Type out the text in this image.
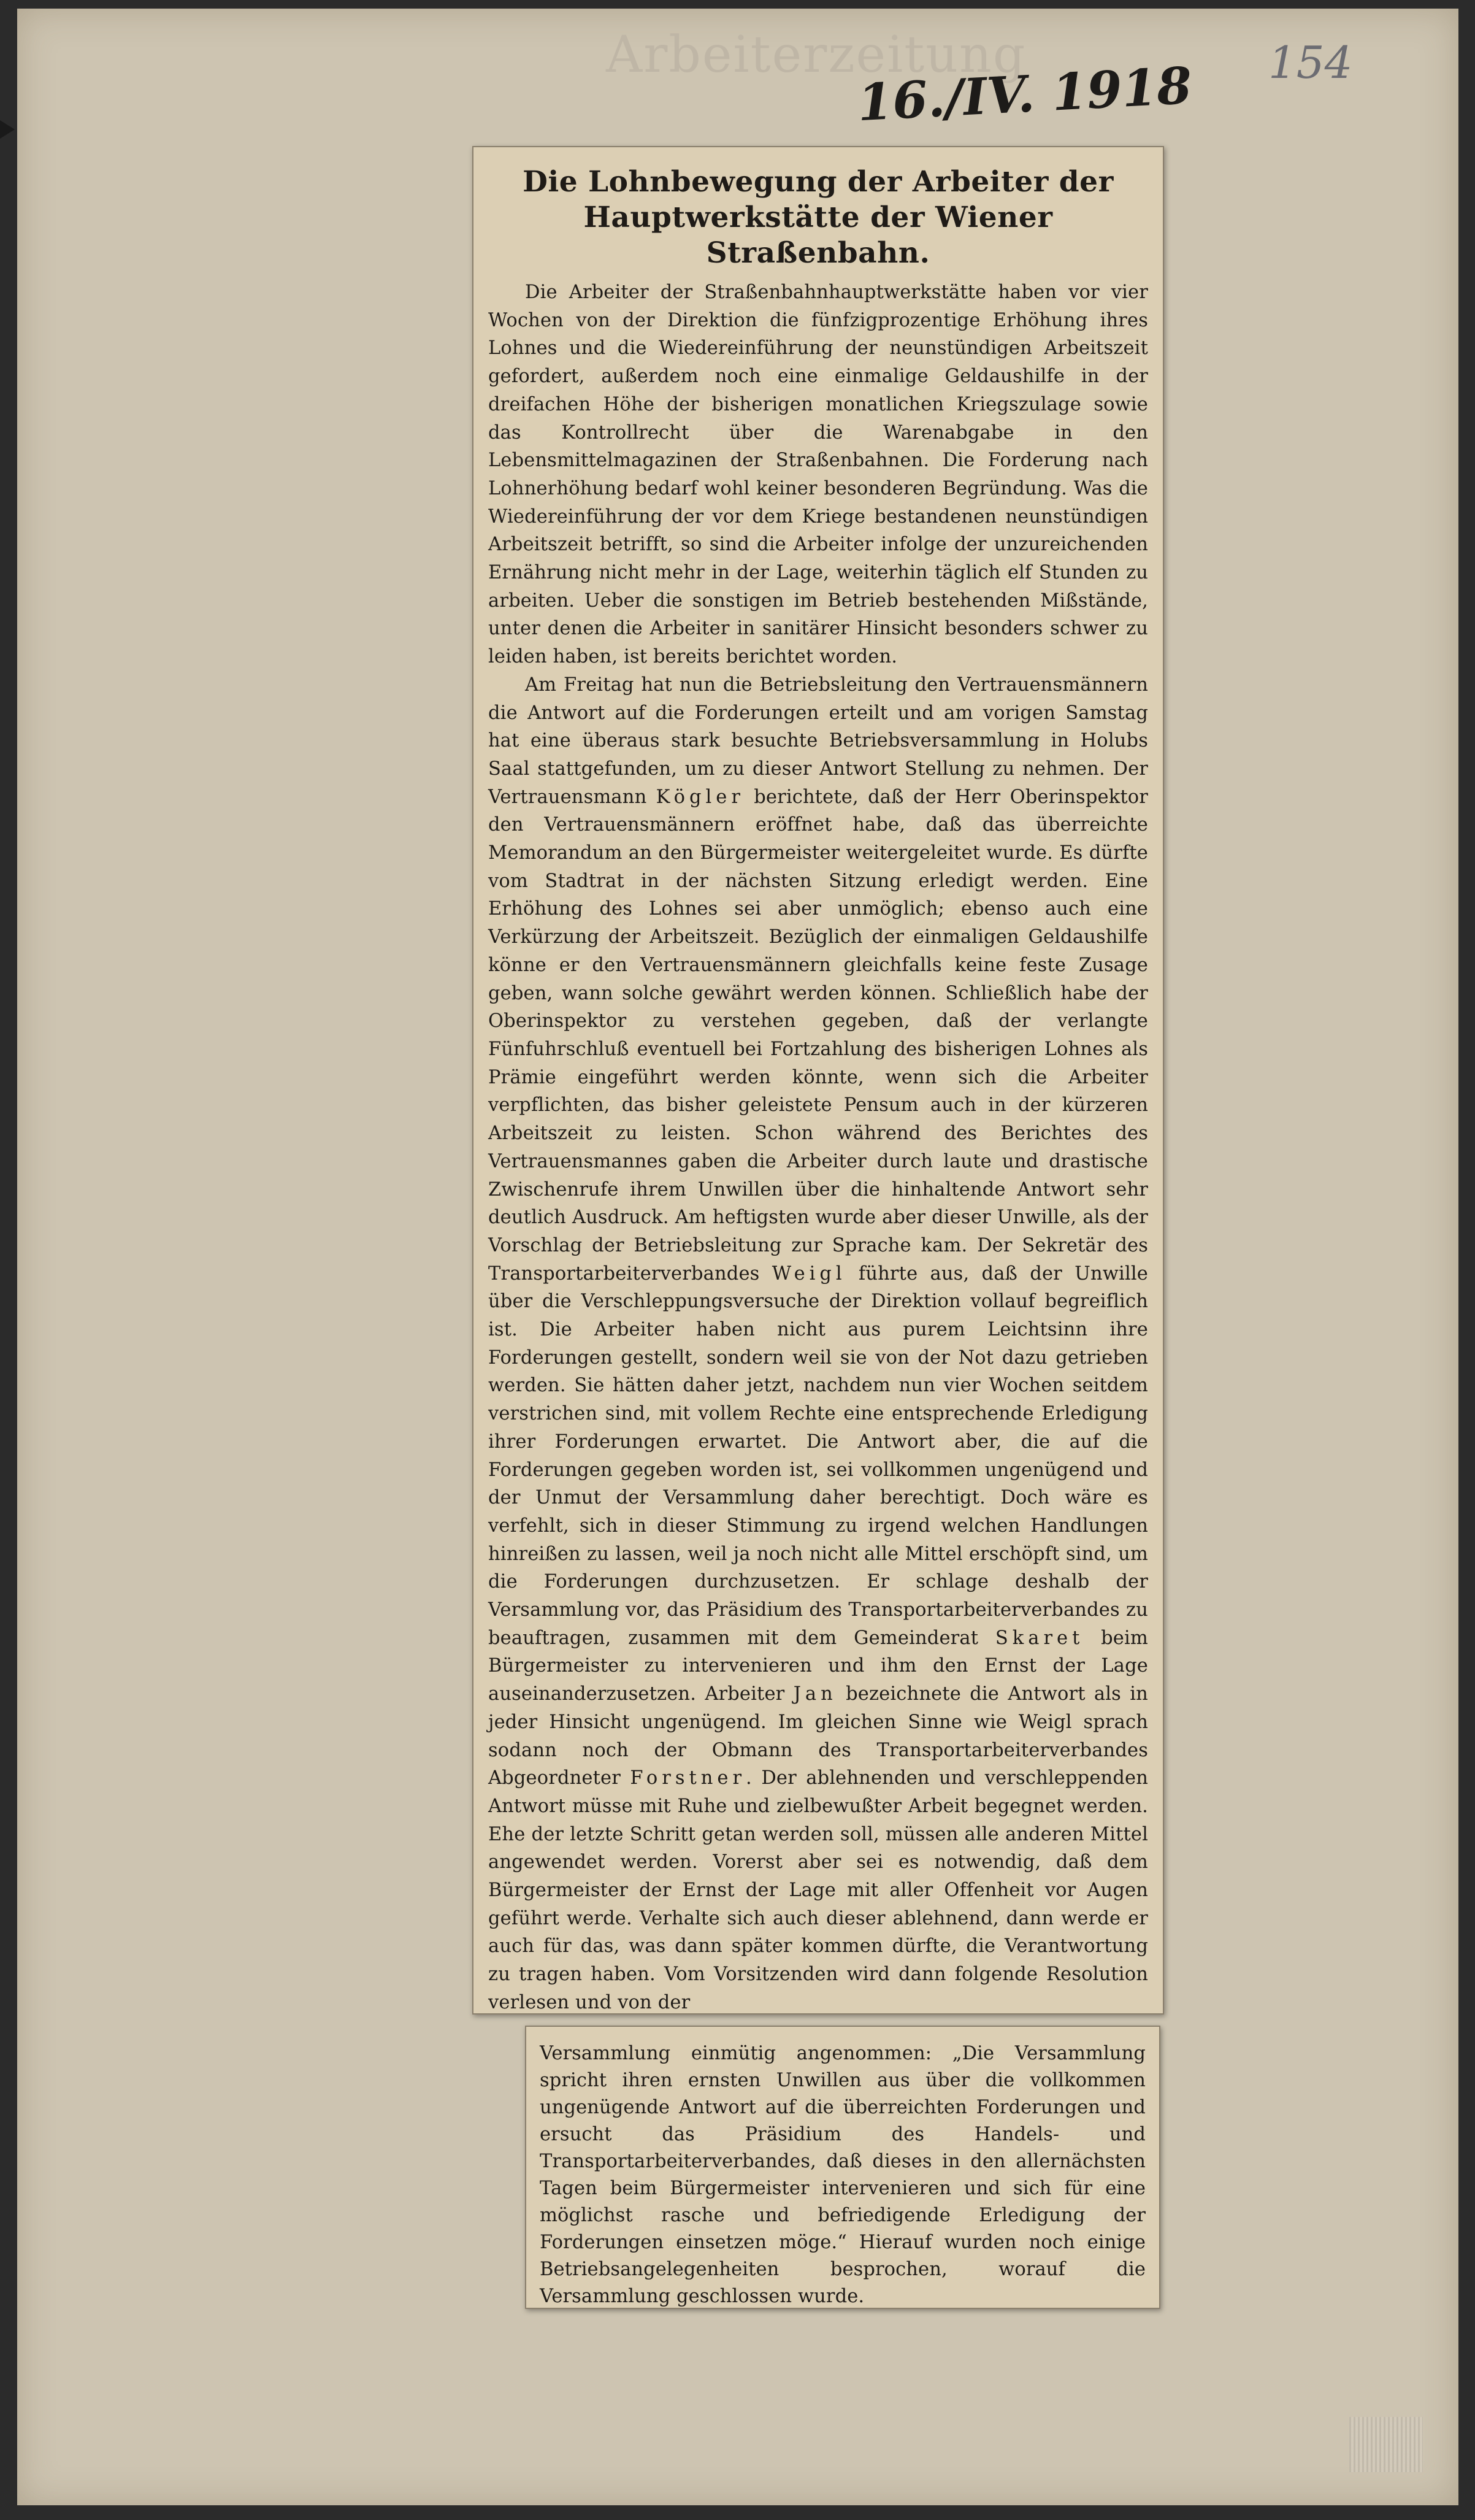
Arbeiterzeitung
16./IV. 1918 154
Die Lohnbewegung der Arbeiter der Hauptwerkstätte der Wiener Straßenbahn.

Die Arbeiter der Straßenbahnhauptwerkstätte haben vor vier Wochen von der Direktion die fünfzigprozentige Erhöhung ihres Lohnes und die Wiedereinführung der neunstündigen Arbeitszeit gefordert, außerdem noch eine einmalige Geldaushilfe in der dreifachen Höhe der bisherigen monatlichen Kriegszulage sowie das Kontrollrecht über die Warenabgabe in den Lebensmittelmagazinen der Straßenbahnen. Die Forderung nach Lohnerhöhung bedarf wohl keiner besonderen Begründung. Was die Wiedereinführung der vor dem Kriege bestandenen neunstündigen Arbeitszeit betrifft, so sind die Arbeiter infolge der unzureichenden Ernährung nicht mehr in der Lage, weiterhin täglich elf Stunden zu arbeiten. Ueber die sonstigen im Betrieb bestehenden Mißstände, unter denen die Arbeiter in sanitärer Hinsicht besonders schwer zu leiden haben, ist bereits berichtet worden.

Am Freitag hat nun die Betriebsleitung den Vertrauensmännern die Antwort auf die Forderungen erteilt und am vorigen Samstag hat eine überaus stark besuchte Betriebsversammlung in Holubs Saal stattgefunden, um zu dieser Antwort Stellung zu nehmen. Der Vertrauensmann Kögler berichtete, daß der Herr Oberinspektor den Vertrauensmännern eröffnet habe, daß das überreichte Memorandum an den Bürgermeister weitergeleitet wurde. Es dürfte vom Stadtrat in der nächsten Sitzung erledigt werden. Eine Erhöhung des Lohnes sei aber unmöglich; ebenso auch eine Verkürzung der Arbeitszeit. Bezüglich der einmaligen Geldaushilfe könne er den Vertrauensmännern gleichfalls keine feste Zusage geben, wann solche gewährt werden können. Schließlich habe der Oberinspektor zu verstehen gegeben, daß der verlangte Fünfuhrschluß eventuell bei Fortzahlung des bisherigen Lohnes als Prämie eingeführt werden könnte, wenn sich die Arbeiter verpflichten, das bisher geleistete Pensum auch in der kürzeren Arbeitszeit zu leisten. Schon während des Berichtes des Vertrauensmannes gaben die Arbeiter durch laute und drastische Zwischenrufe ihrem Unwillen über die hinhaltende Antwort sehr deutlich Ausdruck. Am heftigsten wurde aber dieser Unwille, als der Vorschlag der Betriebsleitung zur Sprache kam. Der Sekretär des Transportarbeiterverbandes Weigl führte aus, daß der Unwille über die Verschleppungsversuche der Direktion vollauf begreiflich ist. Die Arbeiter haben nicht aus purem Leichtsinn ihre Forderungen gestellt, sondern weil sie von der Not dazu getrieben werden. Sie hätten daher jetzt, nachdem nun vier Wochen seitdem verstrichen sind, mit vollem Rechte eine entsprechende Erledigung ihrer Forderungen erwartet. Die Antwort aber, die auf die Forderungen gegeben worden ist, sei vollkommen ungenügend und der Unmut der Versammlung daher berechtigt. Doch wäre es verfehlt, sich in dieser Stimmung zu irgend welchen Handlungen hinreißen zu lassen, weil ja noch nicht alle Mittel erschöpft sind, um die Forderungen durchzusetzen. Er schlage deshalb der Versammlung vor, das Präsidium des Transportarbeiterverbandes zu beauftragen, zusammen mit dem Gemeinderat Skaret beim Bürgermeister zu intervenieren und ihm den Ernst der Lage auseinanderzusetzen. Arbeiter Jan bezeichnete die Antwort als in jeder Hinsicht ungenügend. Im gleichen Sinne wie Weigl sprach sodann noch der Obmann des Transportarbeiterverbandes Abgeordneter Forstner. Der ablehnenden und verschleppenden Antwort müsse mit Ruhe und zielbewußter Arbeit begegnet werden. Ehe der letzte Schritt getan werden soll, müssen alle anderen Mittel angewendet werden. Vorerst aber sei es notwendig, daß dem Bürgermeister der Ernst der Lage mit aller Offenheit vor Augen geführt werde. Verhalte sich auch dieser ablehnend, dann werde er auch für das, was dann später kommen dürfte, die Verantwortung zu tragen haben. Vom Vorsitzenden wird dann folgende Resolution verlesen und von der

Versammlung einmütig angenommen: „Die Versammlung spricht ihren ernsten Unwillen aus über die vollkommen ungenügende Antwort auf die überreichten Forderungen und ersucht das Präsidium des Handels- und Transportarbeiterverbandes, daß dieses in den allernächsten Tagen beim Bürgermeister intervenieren und sich für eine möglichst rasche und befriedigende Erledigung der Forderungen einsetzen möge.“ Hierauf wurden noch einige Betriebsangelegenheiten besprochen, worauf die Versammlung geschlossen wurde.
